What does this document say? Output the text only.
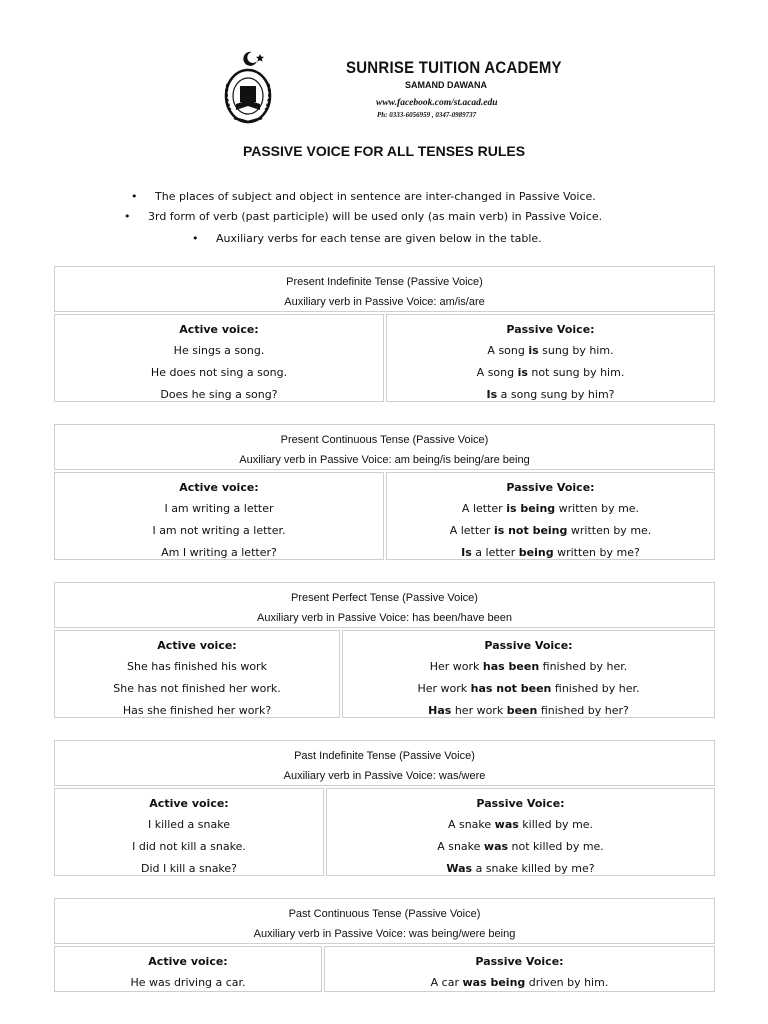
SUNRISE TUITION ACADEMY
SAMAND DAWANA
www.facebook.com/st.acad.edu
Ph: 0333-6056959 , 0347-0989737
PASSIVE VOICE FOR ALL TENSES RULES
• The places of subject and object in sentence are inter-changed in Passive Voice.
• 3rd form of verb (past participle) will be used only (as main verb) in Passive Voice.
• Auxiliary verbs for each tense are given below in the table.
Present Indefinite Tense (Passive Voice)
Auxiliary verb in Passive Voice: am/is/are
Active voice:
He sings a song.
He does not sing a song.
Does he sing a song?
Passive Voice:
A song is sung by him.
A song is not sung by him.
Is a song sung by him?
Present Continuous Tense (Passive Voice)
Auxiliary verb in Passive Voice: am being/is being/are being
Active voice:
I am writing a letter
I am not writing a letter.
Am I writing a letter?
Passive Voice:
A letter is being written by me.
A letter is not being written by me.
Is a letter being written by me?
Present Perfect Tense (Passive Voice)
Auxiliary verb in Passive Voice: has been/have been
Active voice:
She has finished his work
She has not finished her work.
Has she finished her work?
Passive Voice:
Her work has been finished by her.
Her work has not been finished by her.
Has her work been finished by her?
Past Indefinite Tense (Passive Voice)
Auxiliary verb in Passive Voice: was/were
Active voice:
I killed a snake
I did not kill a snake.
Did I kill a snake?
Passive Voice:
A snake was killed by me.
A snake was not killed by me.
Was a snake killed by me?
Past Continuous Tense (Passive Voice)
Auxiliary verb in Passive Voice: was being/were being
Active voice:
He was driving a car.
Passive Voice:
A car was being driven by him.
